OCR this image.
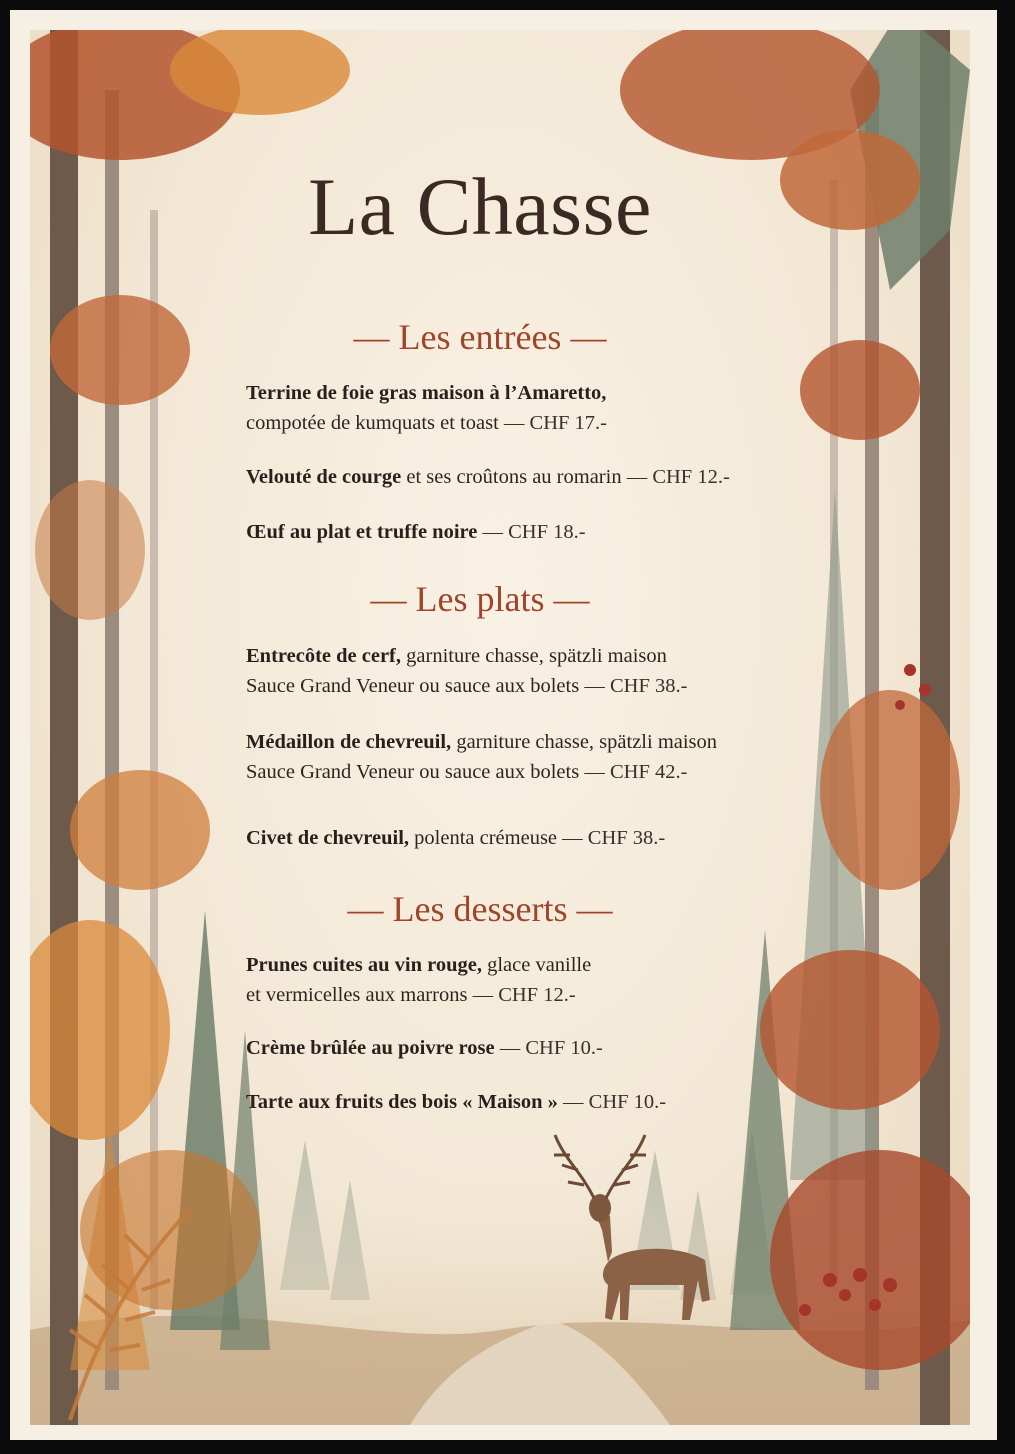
La Chasse
— Les entrées —
Terrine de foie gras maison à l’Amaretto,
compotée de kumquats et toast — CHF 17.-
Velouté de courge et ses croûtons au romarin — CHF 12.-
Œuf au plat et truffe noire — CHF 18.-
— Les plats —
Entrecôte de cerf, garniture chasse, spätzli maison
Sauce Grand Veneur ou sauce aux bolets — CHF 38.-
Médaillon de chevreuil, garniture chasse, spätzli maison
Sauce Grand Veneur ou sauce aux bolets — CHF 42.-
Civet de chevreuil, polenta crémeuse — CHF 38.-
— Les desserts —
Prunes cuites au vin rouge, glace vanille
et vermicelles aux marrons — CHF 12.-
Crème brûlée au poivre rose — CHF 10.-
Tarte aux fruits des bois « Maison » — CHF 10.-
